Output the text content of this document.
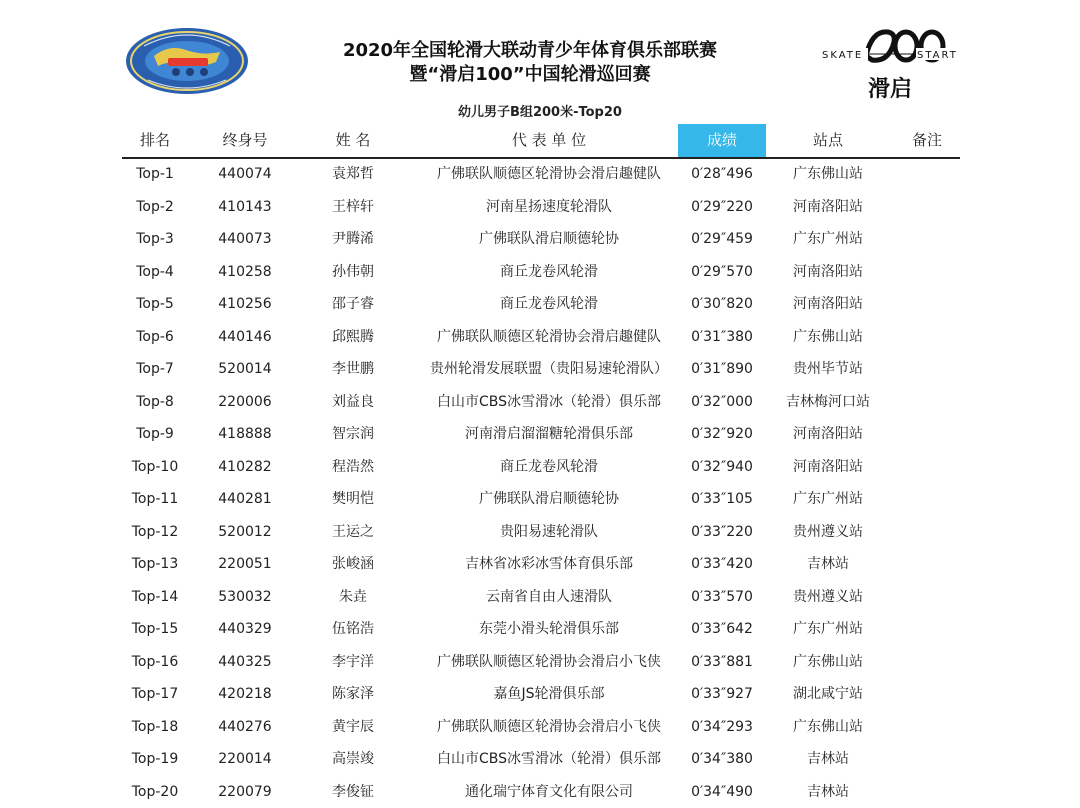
2020年全国轮滑大联动青少年体育俱乐部联赛
暨“滑启100”中国轮滑巡回赛
SKATE	START
滑启
幼儿男子B组200米-Top20
排名	终身号	姓 名	代 表 单 位	成绩	站点	备注
Top-1	440074	袁郑哲	广佛联队顺德区轮滑协会滑启趣健队	0′28″496	广东佛山站
Top-2	410143	王梓轩	河南星扬速度轮滑队	0′29″220	河南洛阳站
Top-3	440073	尹腾浠	广佛联队滑启顺德轮协	0′29″459	广东广州站
Top-4	410258	孙伟朝	商丘龙卷风轮滑	0′29″570	河南洛阳站
Top-5	410256	邵子睿	商丘龙卷风轮滑	0′30″820	河南洛阳站
Top-6	440146	邱熙腾	广佛联队顺德区轮滑协会滑启趣健队	0′31″380	广东佛山站
Top-7	520014	李世鹏	贵州轮滑发展联盟（贵阳易速轮滑队）	0′31″890	贵州毕节站
Top-8	220006	刘益良	白山市CBS冰雪滑冰（轮滑）俱乐部	0′32″000	吉林梅河口站
Top-9	418888	智宗润	河南滑启溜溜糖轮滑俱乐部	0′32″920	河南洛阳站
Top-10	410282	程浩然	商丘龙卷风轮滑	0′32″940	河南洛阳站
Top-11	440281	樊明恺	广佛联队滑启顺德轮协	0′33″105	广东广州站
Top-12	520012	王运之	贵阳易速轮滑队	0′33″220	贵州遵义站
Top-13	220051	张峻涵	吉林省冰彩冰雪体育俱乐部	0′33″420	吉林站
Top-14	530032	朱垚	云南省自由人速滑队	0′33″570	贵州遵义站
Top-15	440329	伍铭浩	东莞小滑头轮滑俱乐部	0′33″642	广东广州站
Top-16	440325	李宇洋	广佛联队顺德区轮滑协会滑启小飞侠	0′33″881	广东佛山站
Top-17	420218	陈家泽	嘉鱼JS轮滑俱乐部	0′33″927	湖北咸宁站
Top-18	440276	黄宇辰	广佛联队顺德区轮滑协会滑启小飞侠	0′34″293	广东佛山站
Top-19	220014	高崇竣	白山市CBS冰雪滑冰（轮滑）俱乐部	0′34″380	吉林站
Top-20	220079	李俊钲	通化瑞宁体育文化有限公司	0′34″490	吉林站
